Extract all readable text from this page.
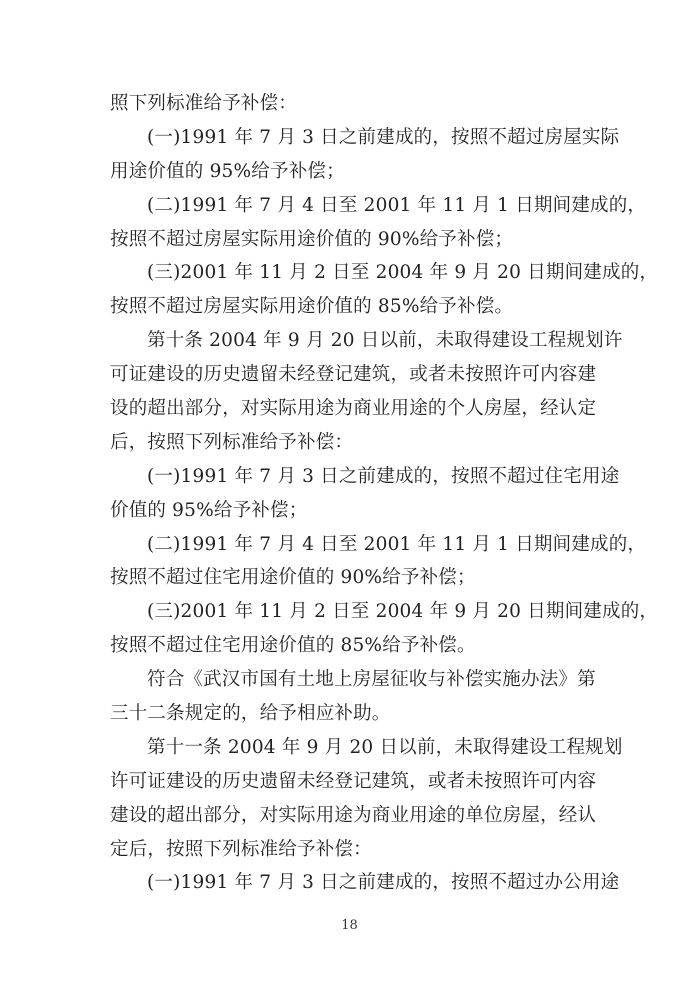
照下列标准给予补偿：
(一)1991 年 7 月 3 日之前建成的，按照不超过房屋实际
用途价值的 95%给予补偿；
(二)1991 年 7 月 4 日至 2001 年 11 月 1 日期间建成的，
按照不超过房屋实际用途价值的 90%给予补偿；
(三)2001 年 11 月 2 日至 2004 年 9 月 20 日期间建成的，
按照不超过房屋实际用途价值的 85%给予补偿。
第十条 2004 年 9 月 20 日以前，未取得建设工程规划许
可证建设的历史遗留未经登记建筑，或者未按照许可内容建
设的超出部分，对实际用途为商业用途的个人房屋，经认定
后，按照下列标准给予补偿：
(一)1991 年 7 月 3 日之前建成的，按照不超过住宅用途
价值的 95%给予补偿；
(二)1991 年 7 月 4 日至 2001 年 11 月 1 日期间建成的，
按照不超过住宅用途价值的 90%给予补偿；
(三)2001 年 11 月 2 日至 2004 年 9 月 20 日期间建成的，
按照不超过住宅用途价值的 85%给予补偿。
符合《武汉市国有土地上房屋征收与补偿实施办法》第
三十二条规定的，给予相应补助。
第十一条 2004 年 9 月 20 日以前，未取得建设工程规划
许可证建设的历史遗留未经登记建筑，或者未按照许可内容
建设的超出部分，对实际用途为商业用途的单位房屋，经认
定后，按照下列标准给予补偿：
(一)1991 年 7 月 3 日之前建成的，按照不超过办公用途
18
